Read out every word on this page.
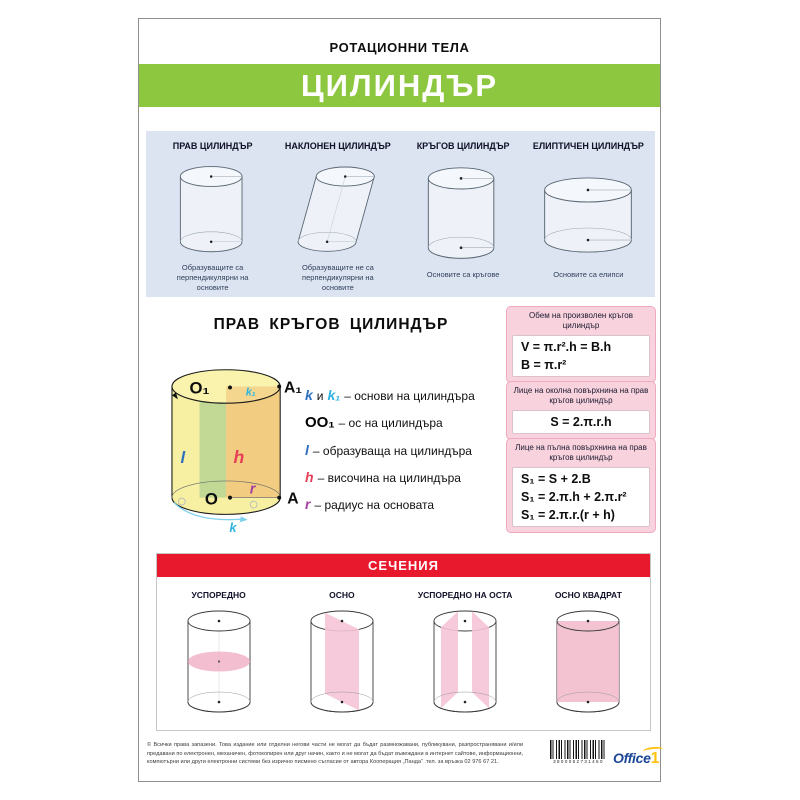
РОТАЦИОННИ ТЕЛА
ЦИЛИНДЪР
ПРАВ ЦИЛИНДЪР
Образуващите са перпендикулярни на основите
НАКЛОНЕН ЦИЛИНДЪР
Образуващите не са перпендикулярни на основите
КРЪГОВ ЦИЛИНДЪР
Основите са кръгове
ЕЛИПТИЧЕН ЦИЛИНДЪР
Основите са елипси
ПРАВ КРЪГОВ ЦИЛИНДЪР
O₁	k₁ A₁
l	h
O r
A
k
k и k₁ – основи на цилиндъра
OO₁ – ос на цилиндъра
l – образуваща на цилиндъра
h – височина на цилиндъра
r – радиус на основата
Обем на произволен кръгов цилиндър
V = π.r².h = B.h
B = π.r²
Лице на околна повърхнина на прав кръгов цилиндър
S = 2.π.r.h
Лице на пълна повърхнина на прав кръгов цилиндър
S₁ = S + 2.B
S₁ = 2.π.h + 2.π.r²
S₁ = 2.π.r.(r + h)
СЕЧЕНИЯ
УСПОРЕДНО	ОСНО	УСПОРЕДНО НА ОСТА	ОСНО КВАДРАТ
© Всички права запазени. Това издание или отделни негови части не могат да бъдат размножавани, публикувани, разпространявани и/или предавани по електронен, механичен, фотокопирен или друг начин, както и не могат да бъдат въвеждани в интернет сайтове, информационни, компютърни или други електронни системи без изрично писмено съгласие от автора Кооперация „Панда“ .тел. за връзка 02 976 67 21.	3800052731450 Office1
